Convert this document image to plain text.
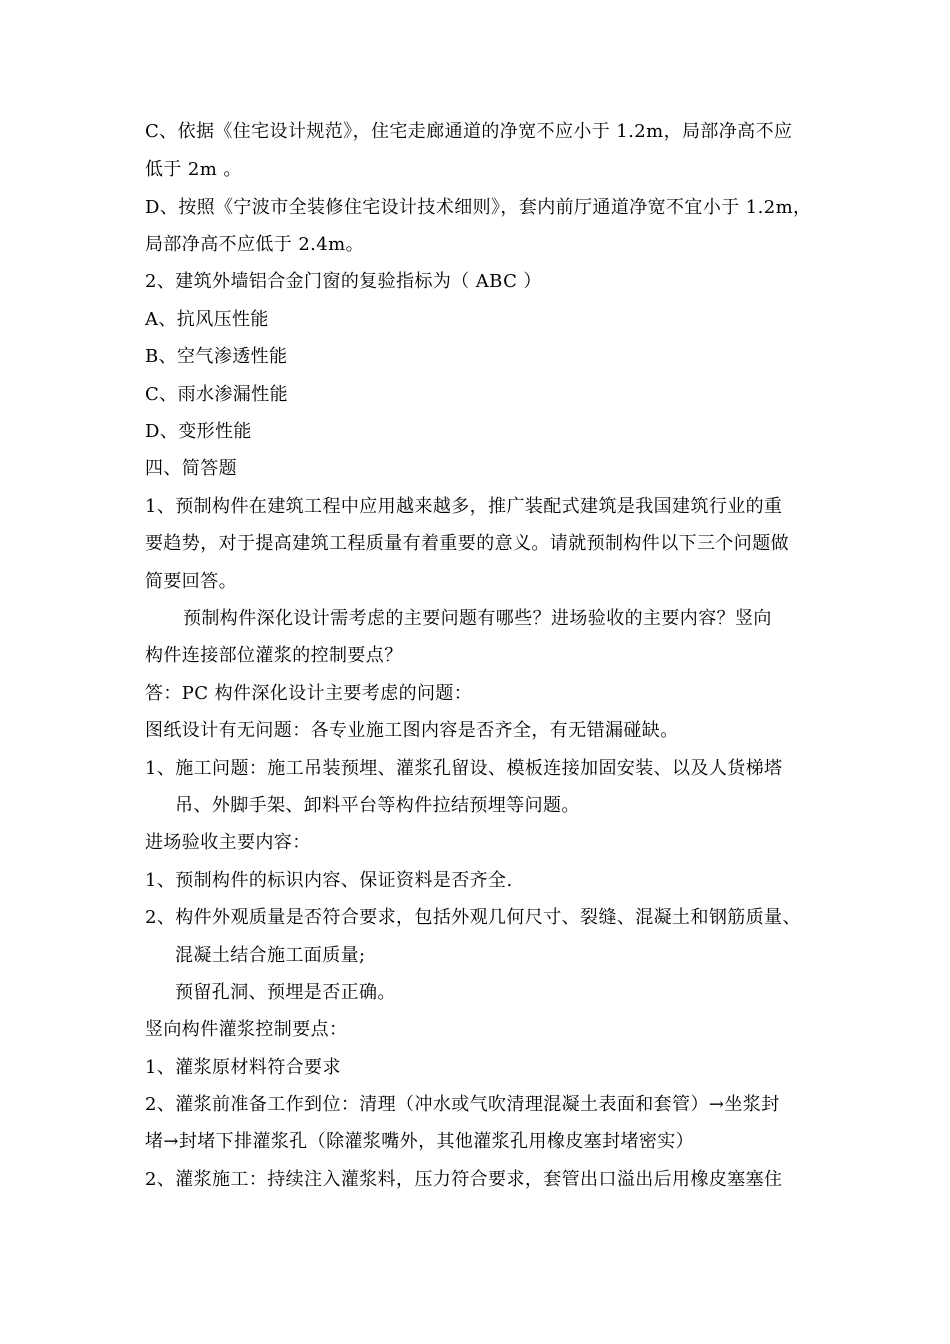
C、依据《住宅设计规范》，住宅走廊通道的净宽不应小于 1.2m，局部净高不应
低于 2m 。
D、按照《宁波市全装修住宅设计技术细则》，套内前厅通道净宽不宜小于 1.2m，
局部净高不应低于 2.4m。
2、建筑外墙铝合金门窗的复验指标为（ ABC ）
A、抗风压性能
B、空气渗透性能
C、雨水渗漏性能
D、变形性能
四、简答题
1、预制构件在建筑工程中应用越来越多，推广装配式建筑是我国建筑行业的重
要趋势，对于提高建筑工程质量有着重要的意义。请就预制构件以下三个问题做
简要回答。
预制构件深化设计需考虑的主要问题有哪些？进场验收的主要内容？竖向
构件连接部位灌浆的控制要点？
答：PC 构件深化设计主要考虑的问题：
图纸设计有无问题：各专业施工图内容是否齐全，有无错漏碰缺。
1、施工问题：施工吊装预埋、灌浆孔留设、模板连接加固安装、以及人货梯塔
吊、外脚手架、卸料平台等构件拉结预埋等问题。
进场验收主要内容：
1、预制构件的标识内容、保证资料是否齐全.
2、构件外观质量是否符合要求，包括外观几何尺寸、裂缝、混凝土和钢筋质量、
混凝土结合施工面质量;
预留孔洞、预埋是否正确。
竖向构件灌浆控制要点：
1、灌浆原材料符合要求
2、灌浆前准备工作到位：清理（冲水或气吹清理混凝土表面和套管）→坐浆封
堵→封堵下排灌浆孔（除灌浆嘴外，其他灌浆孔用橡皮塞封堵密实）
2、灌浆施工：持续注入灌浆料，压力符合要求，套管出口溢出后用橡皮塞塞住
